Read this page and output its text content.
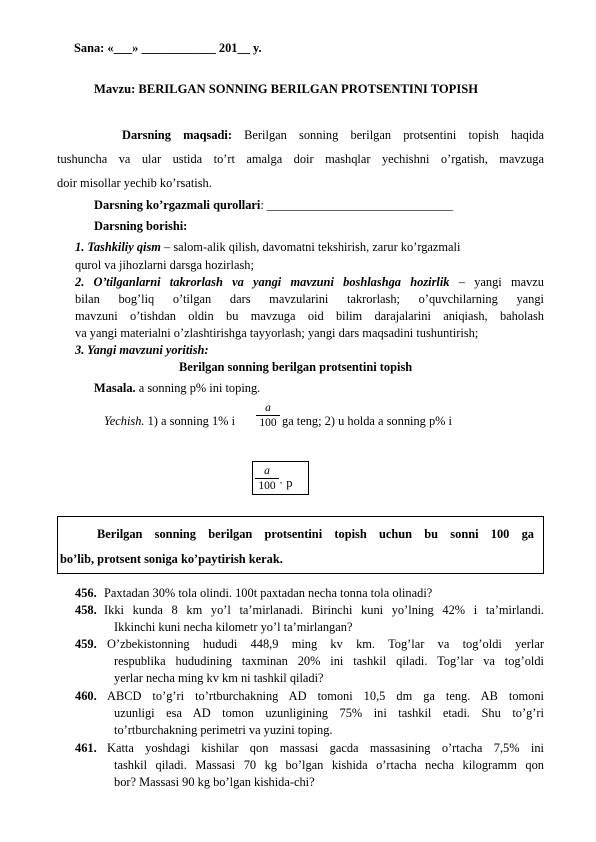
Sana: «___» ____________ 201__ y.
Mavzu: BERILGAN SONNING BERILGAN PROTSENTINI TOPISH
Darsning maqsadi: Berilgan sonning berilgan protsentini topish haqida
tushuncha va ular ustida to’rt amalga doir mashqlar yechishni o’rgatish, mavzuga
doir misollar yechib ko’rsatish.
Darsning ko’rgazmali qurollari: ______________________________
Darsning borishi:
1. Tashkiliy qism – salom-alik qilish, davomatni tekshirish, zarur ko’rgazmali
qurol va jihozlarni darsga hozirlash;
2. O’tilganlarni takrorlash va yangi mavzuni boshlashga hozirlik – yangi mavzu
bilan bog’liq o’tilgan dars mavzularini takrorlash; o’quvchilarning yangi
mavzuni o’tishdan oldin bu mavzuga oid bilim darajalarini aniqiash, baholash
va yangi materialni o’zlashtirishga tayyorlash; yangi dars maqsadini tushuntirish;
3. Yangi mavzuni yoritish:
Berilgan sonning berilgan protsentini topish
Masala. a sonning p% ini toping.
Yechish. 1) a sonning 1% i
a
100 ga teng; 2) u holda a sonning p% i
a
100 · p
Berilgan sonning berilgan protsentini topish uchun bu sonni 100 ga
bo’lib, protsent soniga ko’paytirish kerak.
456. Paxtadan 30% tola olindi. 100t paxtadan necha tonna tola olinadi?
458. Ikki kunda 8 km yo’l ta’mirlanadi. Birinchi kuni yo’lning 42% i ta’mirlandi.
Ikkinchi kuni necha kilometr yo’l ta’mirlangan?
459. O’zbekistonning hududi 448,9 ming kv km. Tog’lar va tog’oldi yerlar
respublika hududining taxminan 20% ini tashkil qiladi. Tog’lar va tog’oldi
yerlar necha ming kv km ni tashkil qiladi?
460. ABCD to’g’ri to’rtburchakning AD tomoni 10,5 dm ga teng. AB tomoni
uzunligi esa AD tomon uzunligining 75% ini tashkil etadi. Shu to’g’ri
to’rtburchakning perimetri va yuzini toping.
461. Katta yoshdagi kishilar qon massasi gacda massasining o’rtacha 7,5% ini
tashkil qiladi. Massasi 70 kg bo’lgan kishida o’rtacha necha kilogramm qon
bor? Massasi 90 kg bo’lgan kishida-chi?
